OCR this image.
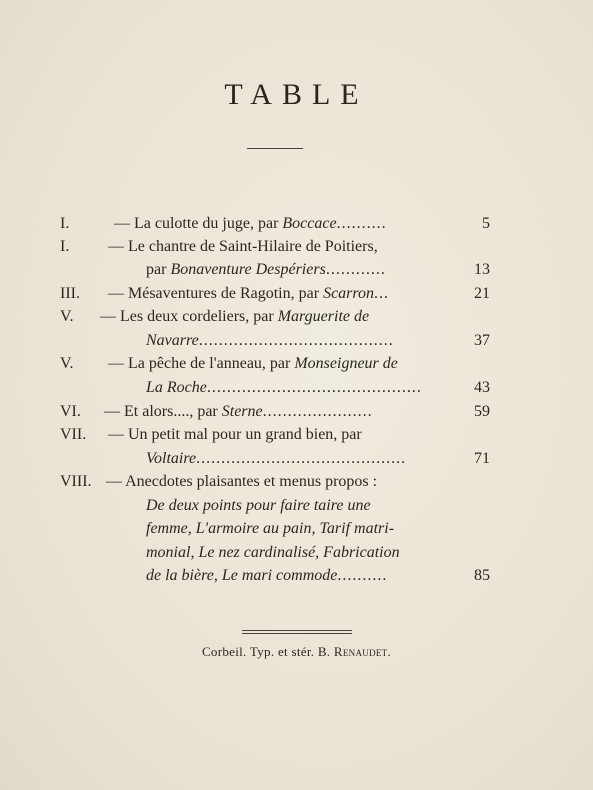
TABLE
I.	— La culotte du juge, par Boccace..........	5
I. — Le chantre de Saint-Hilaire de Poitiers,
par Bonaventure Despériers............	13
III. — Mésaventures de Ragotin, par Scarron...	21
V. — Les deux cordeliers, par Marguerite de
Navarre.......................................	37
V. — La pêche de l'anneau, par Monseigneur de
La Roche...........................................	43
VI. — Et alors...., par Sterne......................	59
VII. — Un petit mal pour un grand bien, par
Voltaire..........................................	71
VIII. — Anecdotes plaisantes et menus propos :
De deux points pour faire taire une
femme, L'armoire au pain, Tarif matri-
monial, Le nez cardinalisé, Fabrication
de la bière, Le mari commode..........	85
Corbeil. Typ. et stér. B. Renaudet.
